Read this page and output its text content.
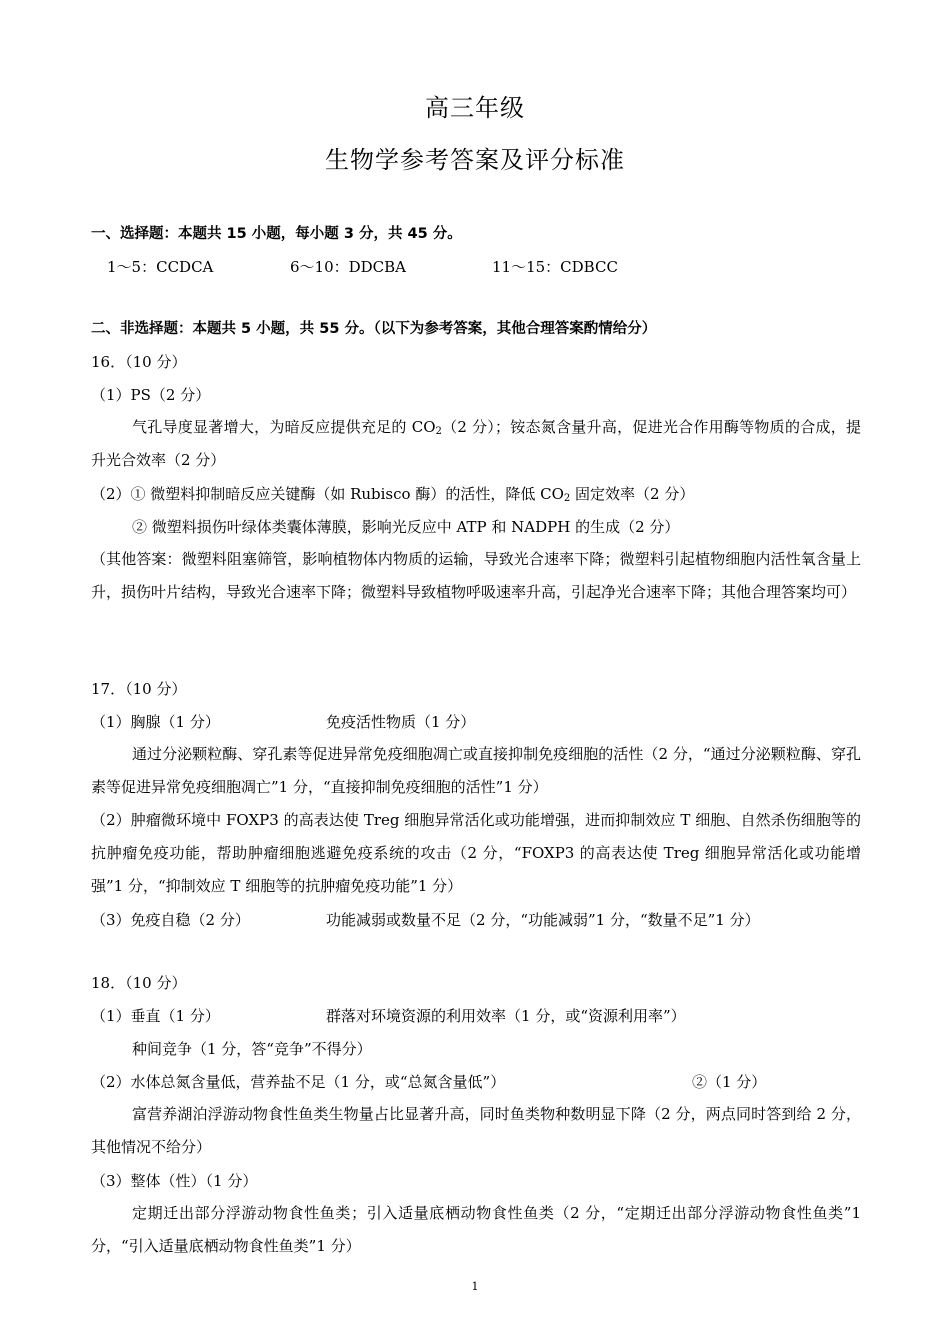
高三年级
生物学参考答案及评分标准
一、选择题：本题共 15 小题，每小题 3 分，共 45 分。
1～5：CCDCA	6～10：DDCBA	11～15：CDBCC
二、非选择题：本题共 5 小题，共 55 分。（以下为参考答案，其他合理答案酌情给分）
16．（10 分）
（1）PS（2 分）
气孔导度显著增大，为暗反应提供充足的 $CO_2(2$ 分）；铵态氮含量升高，促进光合作用酶等物质的合成，提升光合效率（2 分）
（2）① 微塑料抑制暗反应关键酶（如 Rubisco 酶）的活性，降低 $CO_2$ 固定效率（2 分）
② 微塑料损伤叶绿体类囊体薄膜，影响光反应中 ATP 和 NADPH 的生成（2 分）
（其他答案：微塑料阻塞筛管，影响植物体内物质的运输，导致光合速率下降；微塑料引起植物细胞内活性氧含量上升，损伤叶片结构，导致光合速率下降；微塑料导致植物呼吸速率升高，引起净光合速率下降；其他合理答案均可）
17．（10 分）
（1）胸腺（1 分）	免疫活性物质（1 分）
通过分泌颗粒酶、穿孔素等促进异常免疫细胞凋亡或直接抑制免疫细胞的活性（2 分，“通过分泌颗粒酶、穿孔素等促进异常免疫细胞凋亡”1 分，“直接抑制免疫细胞的活性”1 分）
（2）肿瘤微环境中 FOXP3 的高表达使 Treg 细胞异常活化或功能增强，进而抑制效应 T 细胞、自然杀伤细胞等的抗肿瘤免疫功能，帮助肿瘤细胞逃避免疫系统的攻击（2 分，“FOXP3 的高表达使 Treg 细胞异常活化或功能增强”1 分，“抑制效应 T 细胞等的抗肿瘤免疫功能”1 分）
（3）免疫自稳（2 分）	功能减弱或数量不足（2 分，“功能减弱”1 分，“数量不足”1 分）
18．（10 分）
（1）垂直（1 分）	群落对环境资源的利用效率（1 分，或“资源利用率”）
种间竞争（1 分，答“竞争”不得分）
（2）水体总氮含量低，营养盐不足（1 分，或“总氮含量低”）	②（1 分）
富营养湖泊浮游动物食性鱼类生物量占比显著升高，同时鱼类物种数明显下降（2 分，两点同时答到给 2 分，其他情况不给分）
（3）整体（性）（1 分）
定期迁出部分浮游动物食性鱼类；引入适量底栖动物食性鱼类（2 分，“定期迁出部分浮游动物食性鱼类”1 分，“引入适量底栖动物食性鱼类”1 分）
1
